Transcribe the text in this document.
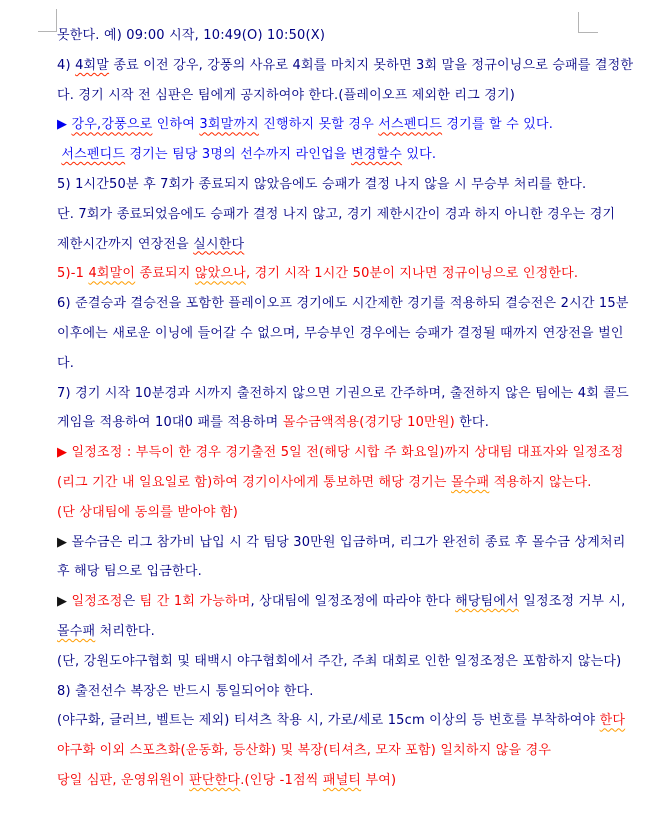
못한다. 예) 09:00 시작, 10:49(O) 10:50(X)
4) 4회말 종료 이전 강우, 강풍의 사유로 4회를 마치지 못하면 3회 말을 정규이닝으로 승패를 결정한
다. 경기 시작 전 심판은 팀에게 공지하여야 한다.(플레이오프 제외한 리그 경기)
▶ 강우,강풍으로 인하여 3회말까지 진행하지 못할 경우 서스펜디드 경기를 할 수 있다.
서스펜디드 경기는 팀당 3명의 선수까지 라인업을 변경할수 있다.
5) 1시간50분 후 7회가 종료되지 않았음에도 승패가 결정 나지 않을 시 무승부 처리를 한다.
단. 7회가 종료되었음에도 승패가 결정 나지 않고, 경기 제한시간이 경과 하지 아니한 경우는 경기
제한시간까지 연장전을 실시한다
5)-1 4회말이 종료되지 않았으나, 경기 시작 1시간 50분이 지나면 정규이닝으로 인정한다.
6) 준결승과 결승전을 포함한 플레이오프 경기에도 시간제한 경기를 적용하되 결승전은 2시간 15분
이후에는 새로운 이닝에 들어갈 수 없으며, 무승부인 경우에는 승패가 결정될 때까지 연장전을 벌인
다.
7) 경기 시작 10분경과 시까지 출전하지 않으면 기권으로 간주하며, 출전하지 않은 팀에는 4회 콜드
게임을 적용하여 10대0 패를 적용하며 몰수금액적용(경기당 10만원) 한다.
▶ 일정조정 : 부득이 한 경우 경기출전 5일 전(해당 시합 주 화요일)까지 상대팀 대표자와 일정조정
(리그 기간 내 일요일로 함)하여 경기이사에게 통보하면 해당 경기는 몰수패 적용하지 않는다.
(단 상대팀에 동의를 받아야 함)
▶ 몰수금은 리그 참가비 납입 시 각 팀당 30만원 입금하며, 리그가 완전히 종료 후 몰수금 상계처리
후 해당 팀으로 입금한다.
▶ 일정조정은 팀 간 1회 가능하며, 상대팀에 일정조정에 따라야 한다 해당팀에서 일정조정 거부 시,
몰수패 처리한다.
(단, 강원도야구협회 및 태백시 야구협회에서 주간, 주최 대회로 인한 일정조정은 포함하지 않는다)
8) 출전선수 복장은 반드시 통일되어야 한다.
(야구화, 글러브, 벨트는 제외) 티셔츠 착용 시, 가로/세로 15cm 이상의 등 번호를 부착하여야 한다
야구화 이외 스포츠화(운동화, 등산화) 및 복장(티셔츠, 모자 포함) 일치하지 않을 경우
당일 심판, 운영위원이 판단한다.(인당 -1점씩 패널티 부여)
